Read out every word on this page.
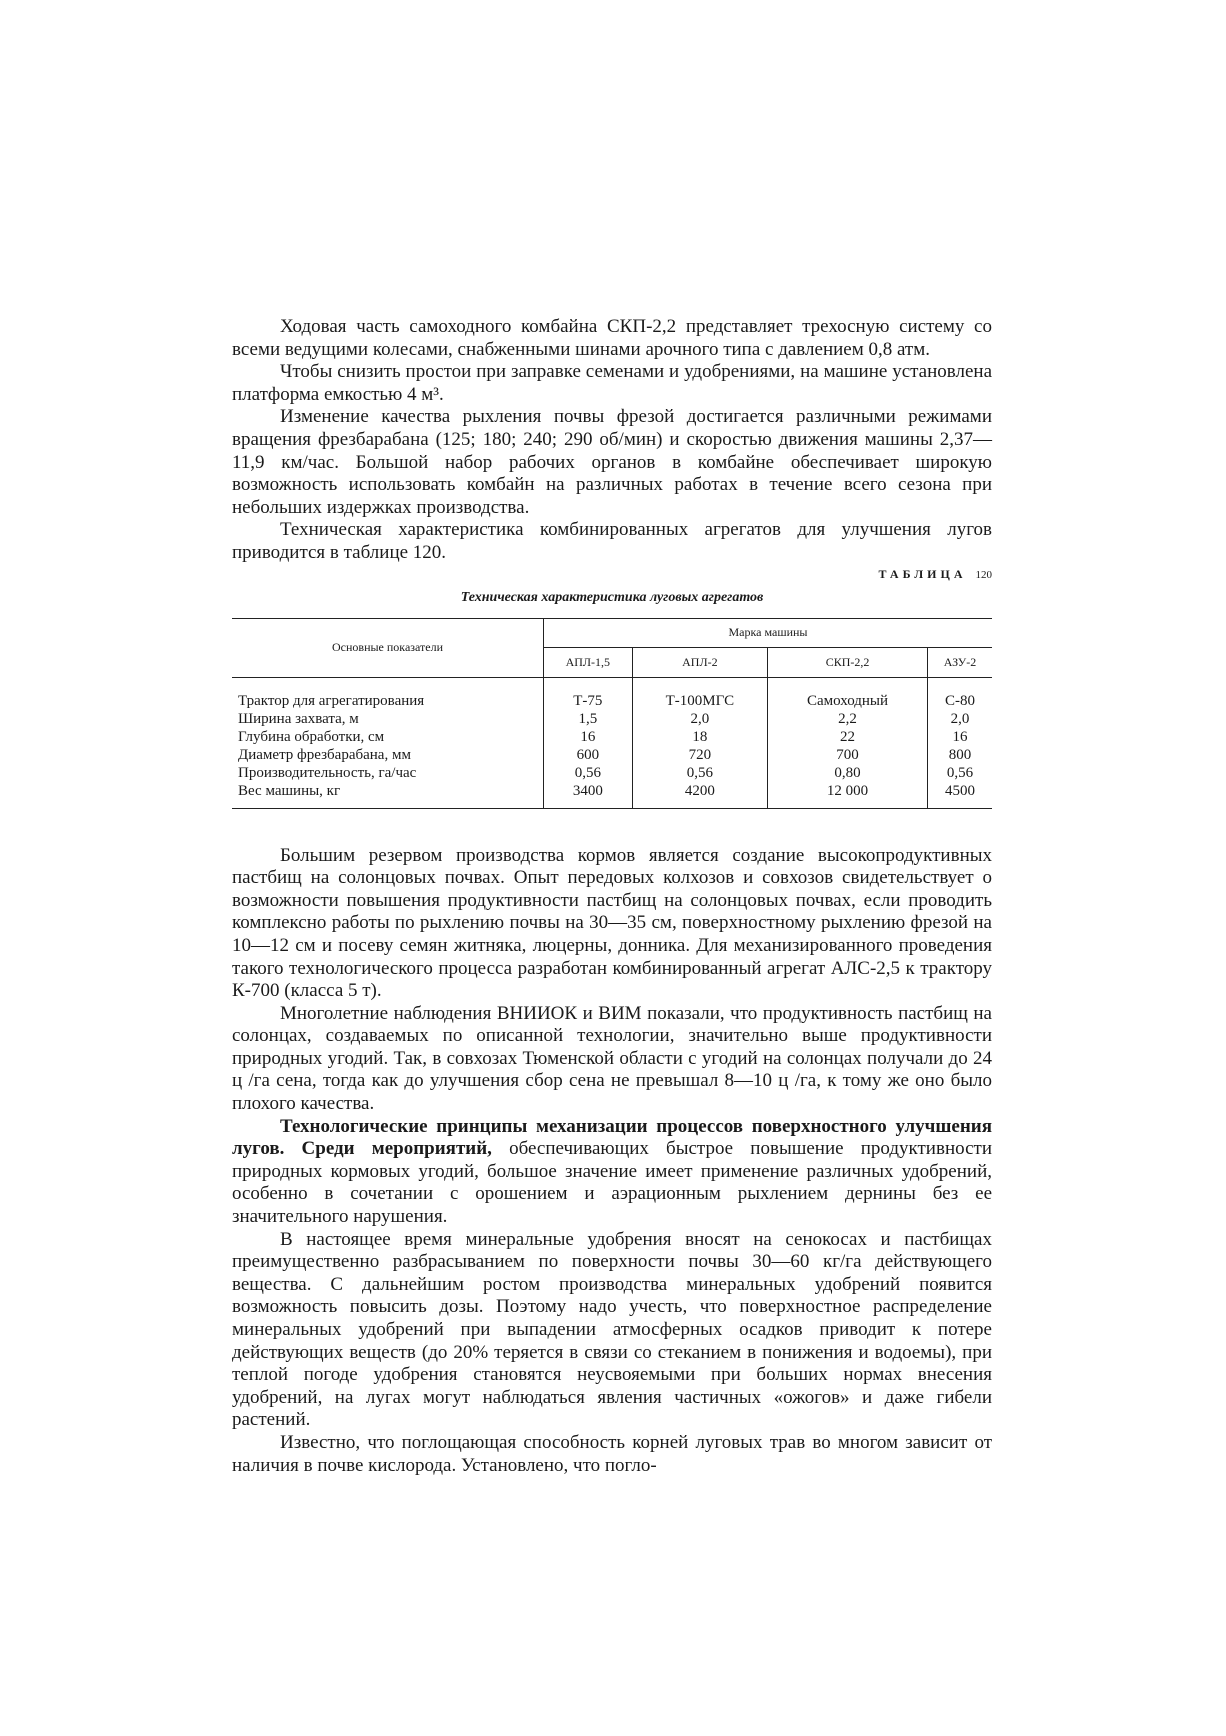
Ходовая часть самоходного комбайна СКП-2,2 представляет трехосную систему со всеми ведущими колесами, снабженными шинами арочного типа с давлением 0,8 атм.

Чтобы снизить простои при заправке семенами и удобрениями, на машине установлена платформа емкостью 4 м³.

Изменение качества рыхления почвы фрезой достигается различными режимами вращения фрезбарабана (125; 180; 240; 290 об/мин) и скоростью движения машины 2,37—11,9 км/час. Большой набор рабочих органов в комбайне обеспечивает широкую возможность использовать комбайн на различных работах в течение всего сезона при небольших издержках производства.

Техническая характеристика комбинированных агрегатов для улучшения лугов приводится в таблице 120.

ТАБЛИЦА 120
Техническая характеристика луговых агрегатов
Основные показатели	Марка машины			
	АПЛ-1,5	АПЛ-2	СКП-2,2	АЗУ-2
Трактор для агрегатирования	Т-75	Т-100МГС	Самоходный	С-80
Ширина захвата, м	1,5	2,0	2,2	2,0
Глубина обработки, см	16	18	22	16
Диаметр фрезбарабана, мм	600	720	700	800
Производительность, га/час	0,56	0,56	0,80	0,56
Вес машины, кг	3400	4200	12 000	4500

Большим резервом производства кормов является создание высокопродуктивных пастбищ на солонцовых почвах. Опыт передовых колхозов и совхозов свидетельствует о возможности повышения продуктивности пастбищ на солонцовых почвах, если проводить комплексно работы по рыхлению почвы на 30—35 см, поверхностному рыхлению фрезой на 10—12 см и посеву семян житняка, люцерны, донника. Для механизированного проведения такого технологического процесса разработан комбинированный агрегат АЛС-2,5 к трактору К-700 (класса 5 т).

Многолетние наблюдения ВНИИОК и ВИМ показали, что продуктивность пастбищ на солонцах, создаваемых по описанной технологии, значительно выше продуктивности природных угодий. Так, в совхозах Тюменской области с угодий на солонцах получали до 24 ц /га сена, тогда как до улучшения сбор сена не превышал 8—10 ц /га, к тому же оно было плохого качества.

Технологические принципы механизации процессов поверхностного улучшения лугов. Среди мероприятий, обеспечивающих быстрое повышение продуктивности природных кормовых угодий, большое значение имеет применение различных удобрений, особенно в сочетании с орошением и аэрационным рыхлением дернины без ее значительного нарушения.

В настоящее время минеральные удобрения вносят на сенокосах и пастбищах преимущественно разбрасыванием по поверхности почвы 30—60 кг/га действующего вещества. С дальнейшим ростом производства минеральных удобрений появится возможность повысить дозы. Поэтому надо учесть, что поверхностное распределение минеральных удобрений при выпадении атмосферных осадков приводит к потере действующих веществ (до 20% теряется в связи со стеканием в понижения и водоемы), при теплой погоде удобрения становятся неусвояемыми при больших нормах внесения удобрений, на лугах могут наблюдаться явления частичных «ожогов» и даже гибели растений.

Известно, что поглощающая способность корней луговых трав во многом зависит от наличия в почве кислорода. Установлено, что погло-
